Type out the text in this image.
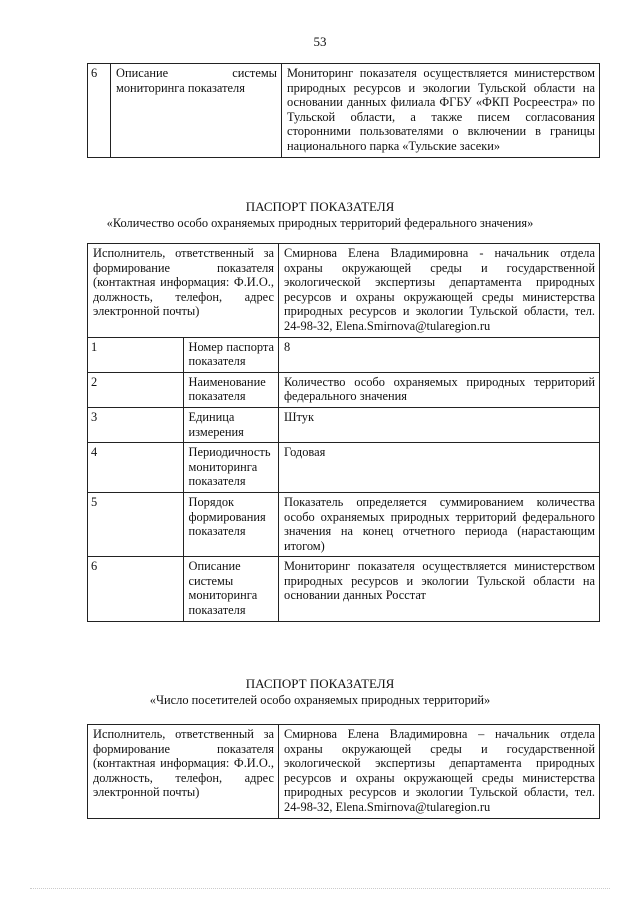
53
6	Описание системы мониторинга показателя	Мониторинг показателя осуществляется министерством природных ресурсов и экологии Тульской области на основании данных филиала ФГБУ «ФКП Росреестра» по Тульской области, а также писем согласования сторонними пользователями о включении в границы национального парка «Тульские засеки»
ПАСПОРТ ПОКАЗАТЕЛЯ
«Количество особо охраняемых природных территорий федерального значения»
Исполнитель, ответственный за формирование показателя (контактная информация: Ф.И.О., должность, телефон, адрес электронной почты)		Смирнова Елена Владимировна - начальник отдела охраны окружающей среды и государственной экологической экспертизы департамента природных ресурсов и охраны окружающей среды министерства природных ресурсов и экологии Тульской области, тел. 24-98-32, Elena.Smirnova@tularegion.ru
1	Номер паспорта показателя	8
2	Наименование показателя	Количество особо охраняемых природных территорий федерального значения
3	Единица измерения	Штук
4	Периодичность мониторинга показателя	Годовая
5	Порядок формирования показателя	Показатель определяется суммированием количества особо охраняемых природных территорий федерального значения на конец отчетного периода (нарастающим итогом)
6	Описание системы мониторинга показателя	Мониторинг показателя осуществляется министерством природных ресурсов и экологии Тульской области на основании данных Росстат
ПАСПОРТ ПОКАЗАТЕЛЯ
«Число посетителей особо охраняемых природных территорий»
Исполнитель, ответственный за формирование показателя (контактная информация: Ф.И.О., должность, телефон, адрес электронной почты)	Смирнова Елена Владимировна – начальник отдела охраны окружающей среды и государственной экологической экспертизы департамента природных ресурсов и охраны окружающей среды министерства природных ресурсов и экологии Тульской области, тел. 24-98-32, Elena.Smirnova@tularegion.ru
